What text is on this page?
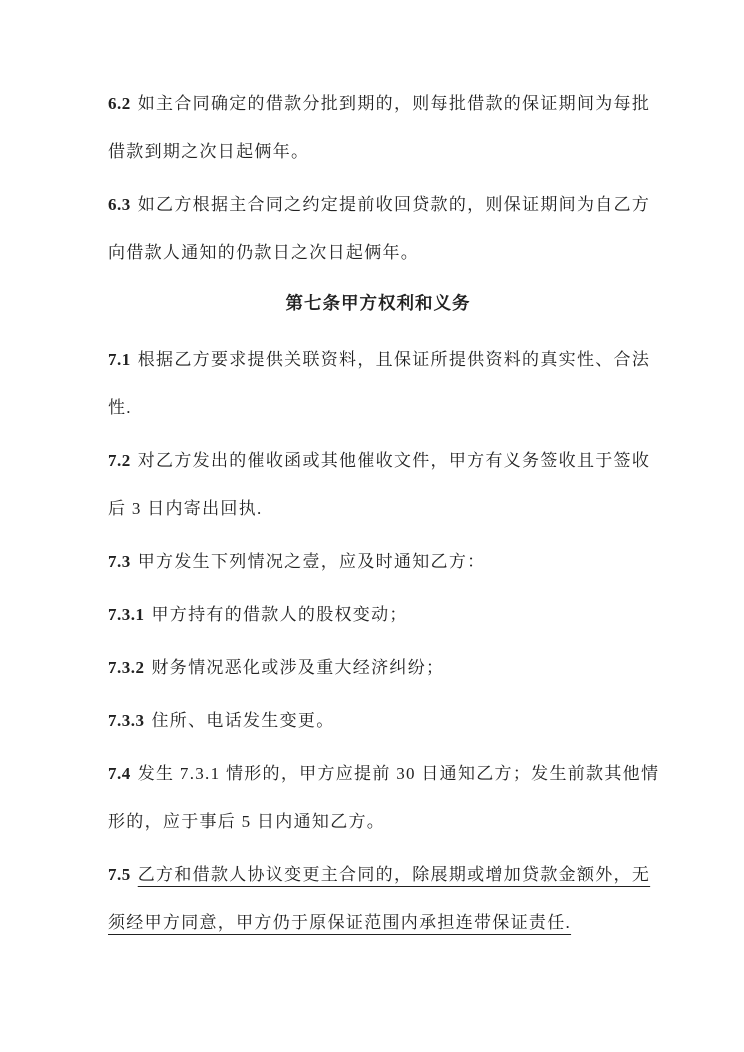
6.2 如主合同确定的借款分批到期的，则每批借款的保证期间为每批
借款到期之次日起俩年。
6.3 如乙方根据主合同之约定提前收回贷款的，则保证期间为自乙方
向借款人通知的仍款日之次日起俩年。
第七条甲方权利和义务
7.1 根据乙方要求提供关联资料，且保证所提供资料的真实性、合法
性.
7.2 对乙方发出的催收函或其他催收文件，甲方有义务签收且于签收
后 3 日内寄出回执.
7.3 甲方发生下列情况之壹，应及时通知乙方：
7.3.1 甲方持有的借款人的股权变动；
7.3.2 财务情况恶化或涉及重大经济纠纷；
7.3.3 住所、电话发生变更。
7.4 发生 7.3.1 情形的，甲方应提前 30 日通知乙方；发生前款其他情
形的，应于事后 5 日内通知乙方。
7.5 乙方和借款人协议变更主合同的，除展期或增加贷款金额外，无
须经甲方同意，甲方仍于原保证范围内承担连带保证责任.
